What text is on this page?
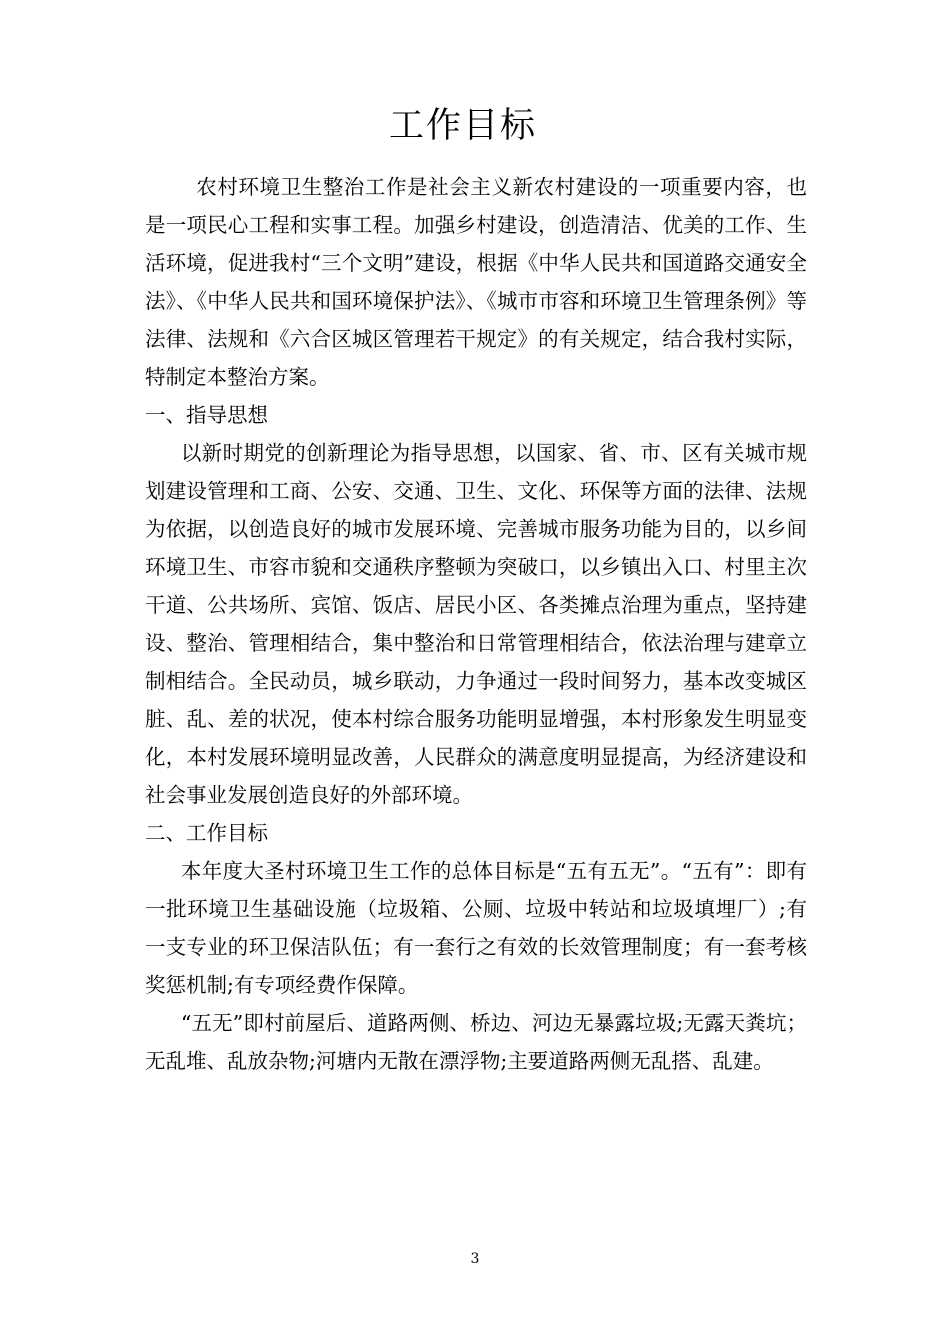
工作目标

农村环境卫生整治工作是社会主义新农村建设的一项重要内容，也是一项民心工程和实事工程。加强乡村建设，创造清洁、优美的工作、生活环境，促进我村“三个文明”建设，根据《中华人民共和国道路交通安全法》、《中华人民共和国环境保护法》、《城市市容和环境卫生管理条例》等法律、法规和《六合区城区管理若干规定》的有关规定，结合我村实际，特制定本整治方案。

一、指导思想

以新时期党的创新理论为指导思想，以国家、省、市、区有关城市规划建设管理和工商、公安、交通、卫生、文化、环保等方面的法律、法规为依据，以创造良好的城市发展环境、完善城市服务功能为目的，以乡间环境卫生、市容市貌和交通秩序整顿为突破口，以乡镇出入口、村里主次干道、公共场所、宾馆、饭店、居民小区、各类摊点治理为重点，坚持建设、整治、管理相结合，集中整治和日常管理相结合，依法治理与建章立制相结合。全民动员，城乡联动，力争通过一段时间努力，基本改变城区脏、乱、差的状况，使本村综合服务功能明显增强，本村形象发生明显变化，本村发展环境明显改善，人民群众的满意度明显提高，为经济建设和社会事业发展创造良好的外部环境。

二、工作目标

本年度大圣村环境卫生工作的总体目标是“五有五无”。“五有”：即有一批环境卫生基础设施（垃圾箱、公厕、垃圾中转站和垃圾填埋厂）;有一支专业的环卫保洁队伍；有一套行之有效的长效管理制度；有一套考核奖惩机制;有专项经费作保障。

“五无”即村前屋后、道路两侧、桥边、河边无暴露垃圾;无露天粪坑；无乱堆、乱放杂物;河塘内无散在漂浮物;主要道路两侧无乱搭、乱建。

3
